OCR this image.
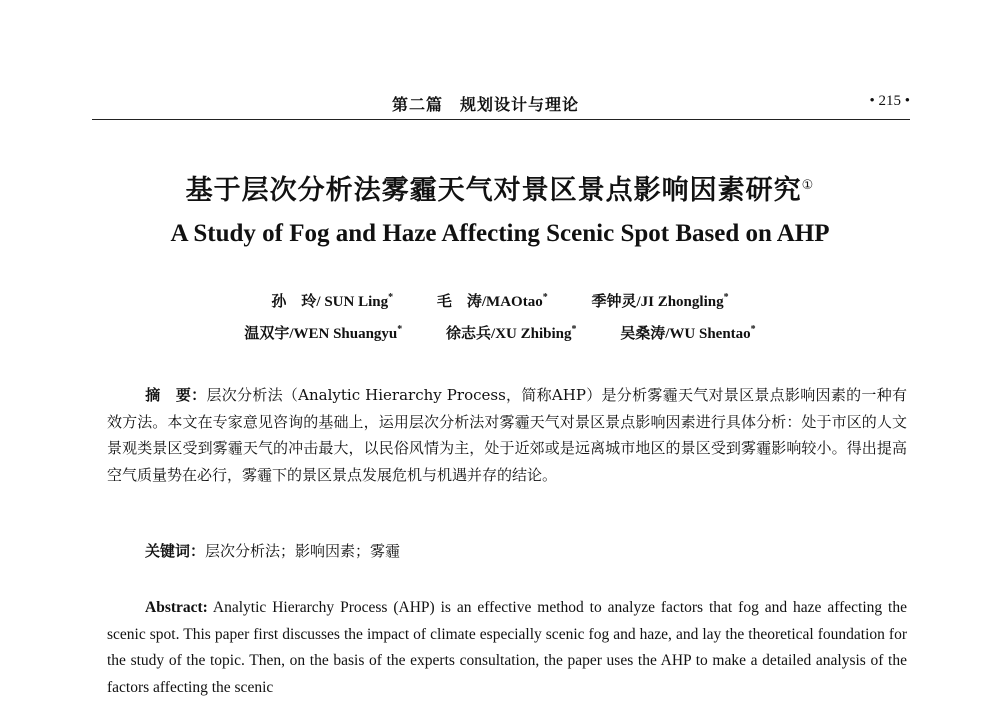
第二篇　规划设计与理论	• 215 •
基于层次分析法雾霾天气对景区景点影响因素研究①
A Study of Fog and Haze Affecting Scenic Spot Based on AHP
孙　玲/ SUN Ling*	毛　涛/MAOtao*	季钟灵/JI Zhongling*
温双宇/WEN Shuangyu*	徐志兵/XU Zhibing*	吴桑涛/WU Shentao*
摘　要：层次分析法（Analytic Hierarchy Process，简称AHP）是分析雾霾天气对景区景点影响因素的一种有效方法。本文在专家意见咨询的基础上，运用层次分析法对雾霾天气对景区景点影响因素进行具体分析：处于市区的人文景观类景区受到雾霾天气的冲击最大，以民俗风情为主，处于近郊或是远离城市地区的景区受到雾霾影响较小。得出提高空气质量势在必行，雾霾下的景区景点发展危机与机遇并存的结论。
关键词：层次分析法；影响因素；雾霾
Abstract: Analytic Hierarchy Process (AHP) is an effective method to analyze factors that fog and haze affecting the scenic spot. This paper first discusses the impact of climate especially scenic fog and haze, and lay the theoretical foundation for the study of the topic. Then, on the basis of the experts consultation, the paper uses the AHP to make a detailed analysis of the factors affecting the scenic
